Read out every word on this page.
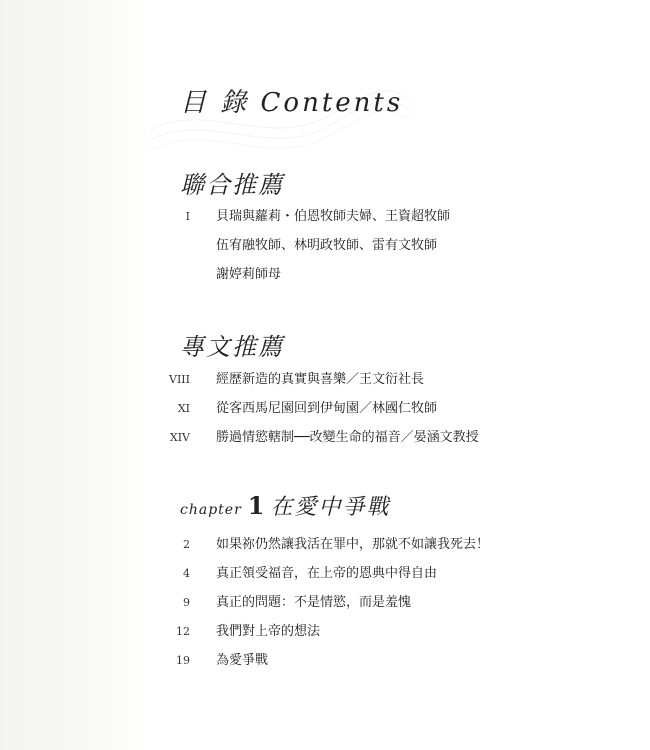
目 錄 Contents
聯合推薦
I 貝瑞與蘿莉・伯恩牧師夫婦、王資超牧師
伍宥融牧師、林明政牧師、雷有文牧師
謝婷莉師母
專文推薦
VIII 經歷新造的真實與喜樂／王文衍社長
XI 從客西馬尼園回到伊甸園／林國仁牧師
XIV 勝過情慾轄制──改變生命的福音／晏涵文教授
chapter 1 在愛中爭戰
2 如果祢仍然讓我活在罪中，那就不如讓我死去！
4 真正領受福音，在上帝的恩典中得自由
9 真正的問題：不是情慾，而是羞愧
12 我們對上帝的想法
19 為愛爭戰
